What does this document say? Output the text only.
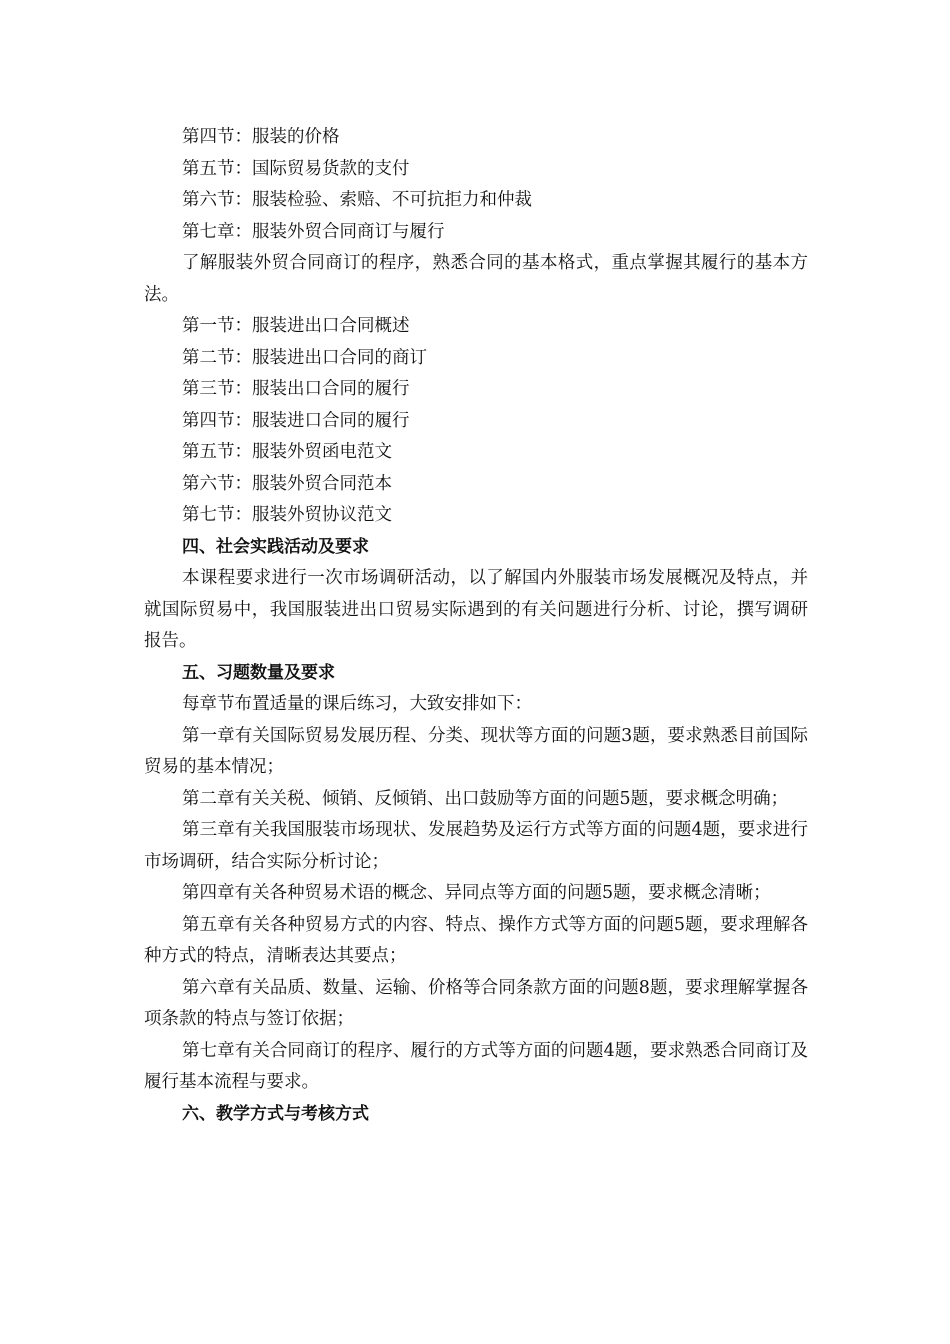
第四节：服装的价格
第五节：国际贸易货款的支付
第六节：服装检验、索赔、不可抗拒力和仲裁
第七章：服装外贸合同商订与履行
了解服装外贸合同商订的程序，熟悉合同的基本格式，重点掌握其履行的基本方法。
第一节：服装进出口合同概述
第二节：服装进出口合同的商订
第三节：服装出口合同的履行
第四节：服装进口合同的履行
第五节：服装外贸函电范文
第六节：服装外贸合同范本
第七节：服装外贸协议范文
四、社会实践活动及要求
本课程要求进行一次市场调研活动，以了解国内外服装市场发展概况及特点，并就国际贸易中，我国服装进出口贸易实际遇到的有关问题进行分析、讨论，撰写调研报告。
五、习题数量及要求
每章节布置适量的课后练习，大致安排如下：
第一章有关国际贸易发展历程、分类、现状等方面的问题3题，要求熟悉目前国际贸易的基本情况；
第二章有关关税、倾销、反倾销、出口鼓励等方面的问题5题，要求概念明确；
第三章有关我国服装市场现状、发展趋势及运行方式等方面的问题4题，要求进行市场调研，结合实际分析讨论；
第四章有关各种贸易术语的概念、异同点等方面的问题5题，要求概念清晰；
第五章有关各种贸易方式的内容、特点、操作方式等方面的问题5题，要求理解各种方式的特点，清晰表达其要点；
第六章有关品质、数量、运输、价格等合同条款方面的问题8题，要求理解掌握各项条款的特点与签订依据；
第七章有关合同商订的程序、履行的方式等方面的问题4题，要求熟悉合同商订及履行基本流程与要求。
六、教学方式与考核方式
